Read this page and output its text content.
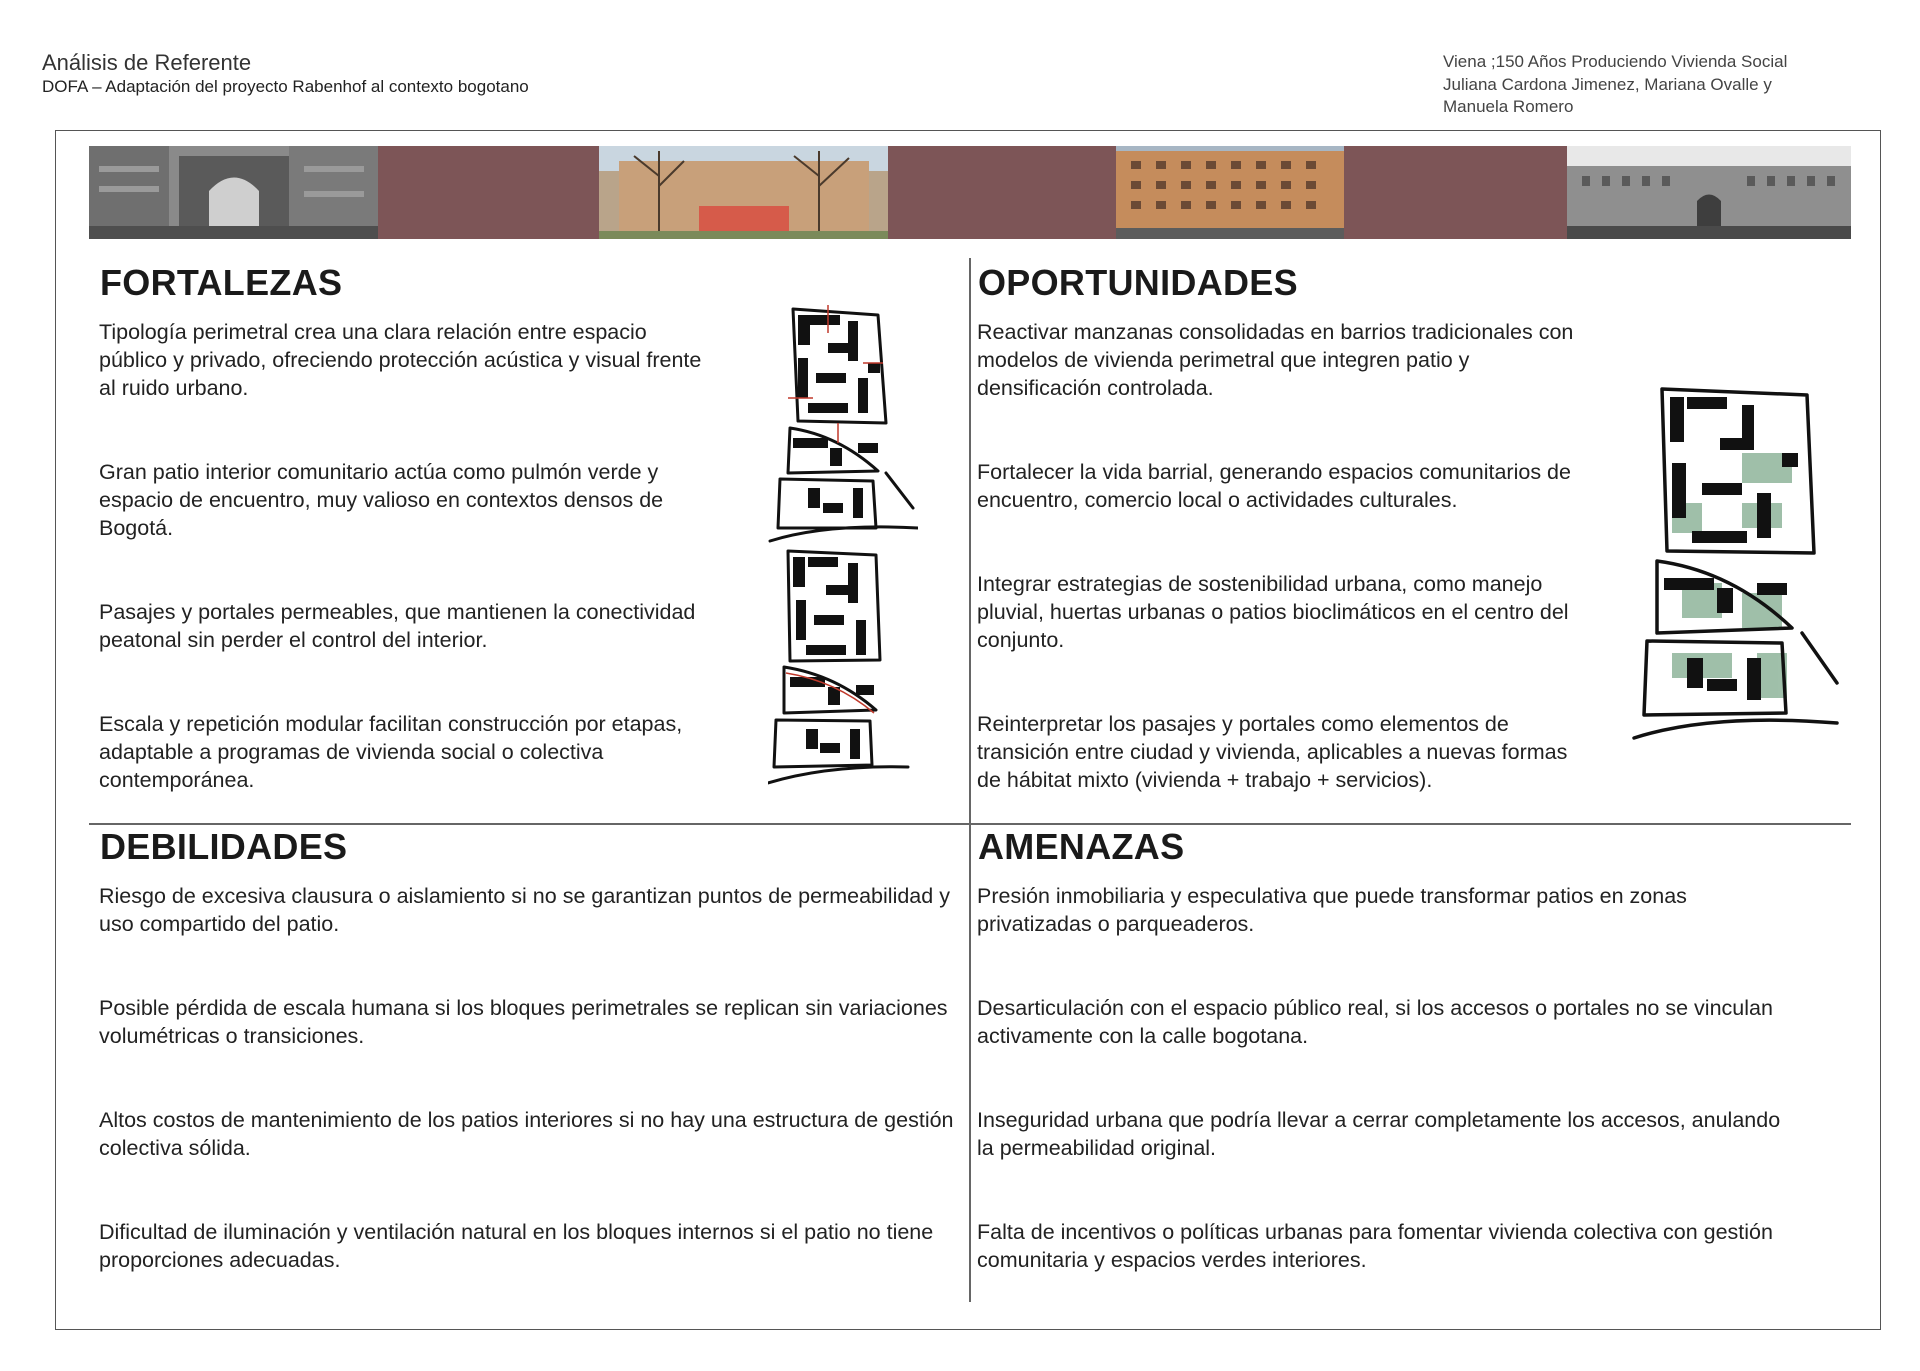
Análisis de Referente
DOFA – Adaptación del proyecto Rabenhof al contexto bogotano
Viena ;150 Años Produciendo Vivienda Social
Juliana Cardona Jimenez, Mariana Ovalle y
Manuela Romero
FORTALEZAS
Tipología perimetral crea una clara relación entre espacio público y privado, ofreciendo protección acústica y visual frente al ruido urbano.
Gran patio interior comunitario actúa como pulmón verde y espacio de encuentro, muy valioso en contextos densos de Bogotá.
Pasajes y portales permeables, que mantienen la conectividad peatonal sin perder el control del interior.
Escala y repetición modular facilitan construcción por etapas, adaptable a programas de vivienda social o colectiva contemporánea.
OPORTUNIDADES
Reactivar manzanas consolidadas en barrios tradicionales con modelos de vivienda perimetral que integren patio y densificación controlada.
Fortalecer la vida barrial, generando espacios comunitarios de encuentro, comercio local o actividades culturales.
Integrar estrategias de sostenibilidad urbana, como manejo pluvial, huertas urbanas o patios bioclimáticos en el centro del conjunto.
Reinterpretar los pasajes y portales como elementos de transición entre ciudad y vivienda, aplicables a nuevas formas de hábitat mixto (vivienda + trabajo + servicios).
DEBILIDADES
Riesgo de excesiva clausura o aislamiento si no se garantizan puntos de permeabilidad y uso compartido del patio.
Posible pérdida de escala humana si los bloques perimetrales se replican sin variaciones volumétricas o transiciones.
Altos costos de mantenimiento de los patios interiores si no hay una estructura de gestión colectiva sólida.
Dificultad de iluminación y ventilación natural en los bloques internos si el patio no tiene proporciones adecuadas.
AMENAZAS
Presión inmobiliaria y especulativa que puede transformar patios en zonas privatizadas o parqueaderos.
Desarticulación con el espacio público real, si los accesos o portales no se vinculan activamente con la calle bogotana.
Inseguridad urbana que podría llevar a cerrar completamente los accesos, anulando la permeabilidad original.
Falta de incentivos o políticas urbanas para fomentar vivienda colectiva con gestión comunitaria y espacios verdes interiores.
